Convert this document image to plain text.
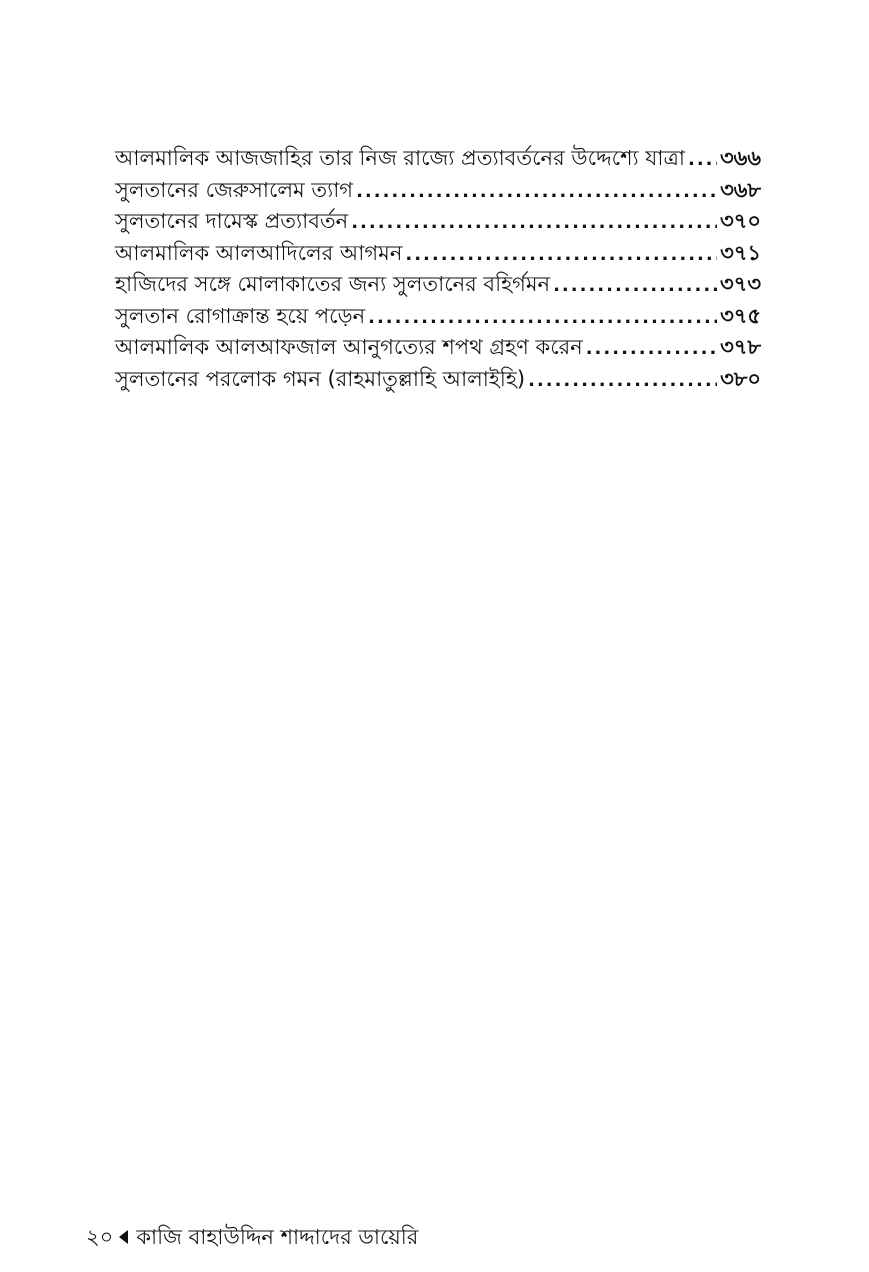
আলমালিক আজজাহির তার নিজ রাজ্যে প্রত্যাবর্তনের উদ্দেশ্যে যাত্রা ..... ৩৬৬
সুলতানের জেরুসালেম ত্যাগ .....	৩৬৮
সুলতানের দামেস্ক প্রত্যাবর্তন .....	৩৭০
আলমালিক আলআদিলের আগমন .....	৩৭১
হাজিদের সঙ্গে মোলাকাতের জন্য সুলতানের বহির্গমন .....	৩৭৩
সুলতান রোগাক্রান্ত হয়ে পড়েন .....	৩৭৫
আলমালিক আলআফজাল আনুগত্যের শপথ গ্রহণ করেন .....	৩৭৮
সুলতানের পরলোক গমন (রাহমাতুল্লাহি আলাইহি) .....	৩৮০
২০ কাজি বাহাউদ্দিন শাদ্দাদের ডায়েরি
